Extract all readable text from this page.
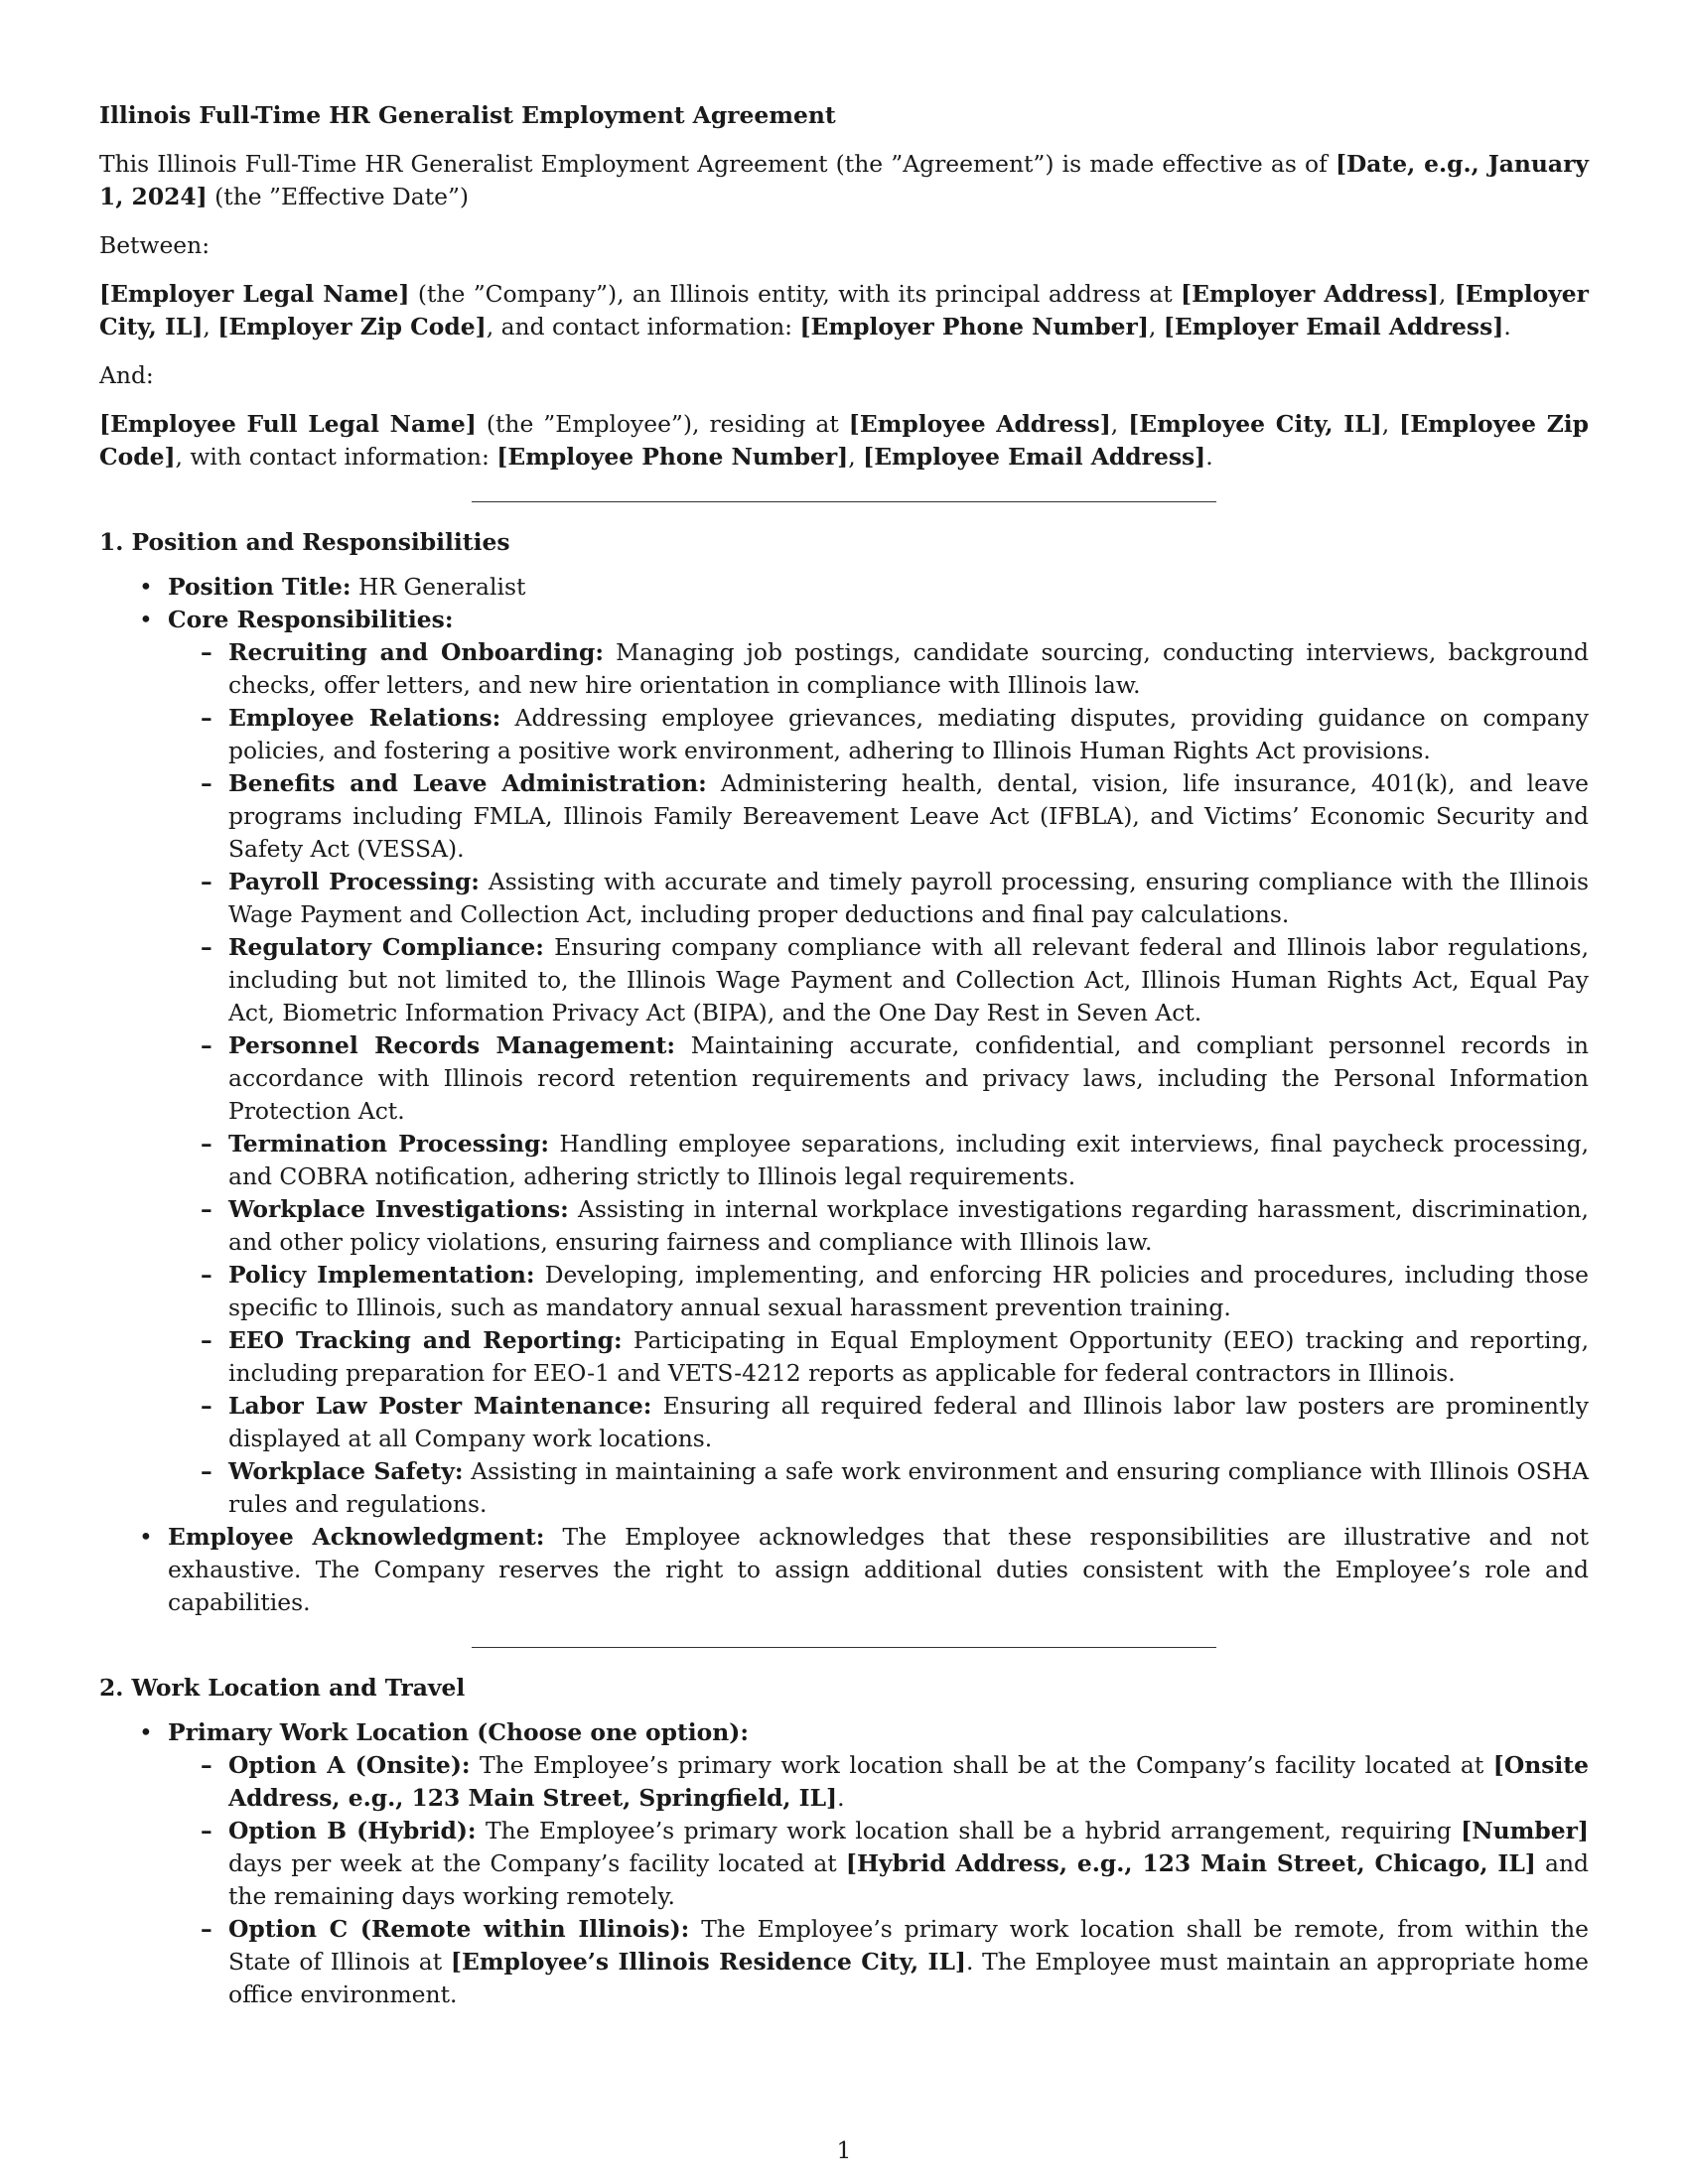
Illinois Full-Time HR Generalist Employment Agreement

This Illinois Full-Time HR Generalist Employment Agreement (the ”Agreement”) is made effective as of [Date, e.g., January 1, 2024] (the ”Effective Date”)

Between:

[Employer Legal Name] (the ”Company”), an Illinois entity, with its principal address at [Employer Address], [Employer City, IL], [Employer Zip Code], and contact information: [Employer Phone Number], [Employer Email Address].

And:

[Employee Full Legal Name] (the ”Employee”), residing at [Employee Address], [Employee City, IL], [Employee Zip Code], with contact information: [Employee Phone Number], [Employee Email Address].

1. Position and Responsibilities

• Position Title: HR Generalist
• Core Responsibilities:
– Recruiting and Onboarding: Managing job postings, candidate sourcing, conducting interviews, background checks, offer letters, and new hire orientation in compliance with Illinois law.
– Employee Relations: Addressing employee grievances, mediating disputes, providing guidance on company policies, and fostering a positive work environment, adhering to Illinois Human Rights Act provisions.
– Benefits and Leave Administration: Administering health, dental, vision, life insurance, 401(k), and leave programs including FMLA, Illinois Family Bereavement Leave Act (IFBLA), and Victims’ Economic Security and Safety Act (VESSA).
– Payroll Processing: Assisting with accurate and timely payroll processing, ensuring compliance with the Illinois Wage Payment and Collection Act, including proper deductions and final pay calculations.
– Regulatory Compliance: Ensuring company compliance with all relevant federal and Illinois labor regulations, including but not limited to, the Illinois Wage Payment and Collection Act, Illinois Human Rights Act, Equal Pay Act, Biometric Information Privacy Act (BIPA), and the One Day Rest in Seven Act.
– Personnel Records Management: Maintaining accurate, confidential, and compliant personnel records in accordance with Illinois record retention requirements and privacy laws, including the Personal Information Protection Act.
– Termination Processing: Handling employee separations, including exit interviews, final paycheck processing, and COBRA notification, adhering strictly to Illinois legal requirements.
– Workplace Investigations: Assisting in internal workplace investigations regarding harassment, discrimination, and other policy violations, ensuring fairness and compliance with Illinois law.
– Policy Implementation: Developing, implementing, and enforcing HR policies and procedures, including those specific to Illinois, such as mandatory annual sexual harassment prevention training.
– EEO Tracking and Reporting: Participating in Equal Employment Opportunity (EEO) tracking and reporting, including preparation for EEO-1 and VETS-4212 reports as applicable for federal contractors in Illinois.
– Labor Law Poster Maintenance: Ensuring all required federal and Illinois labor law posters are prominently displayed at all Company work locations.
– Workplace Safety: Assisting in maintaining a safe work environment and ensuring compliance with Illinois OSHA rules and regulations.
• Employee Acknowledgment: The Employee acknowledges that these responsibilities are illustrative and not exhaustive. The Company reserves the right to assign additional duties consistent with the Employee’s role and capabilities.

2. Work Location and Travel

• Primary Work Location (Choose one option):
– Option A (Onsite): The Employee’s primary work location shall be at the Company’s facility located at [Onsite Address, e.g., 123 Main Street, Springfield, IL].
– Option B (Hybrid): The Employee’s primary work location shall be a hybrid arrangement, requiring [Number] days per week at the Company’s facility located at [Hybrid Address, e.g., 123 Main Street, Chicago, IL] and the remaining days working remotely.
– Option C (Remote within Illinois): The Employee’s primary work location shall be remote, from within the State of Illinois at [Employee’s Illinois Residence City, IL]. The Employee must maintain an appropriate home office environment.
1
